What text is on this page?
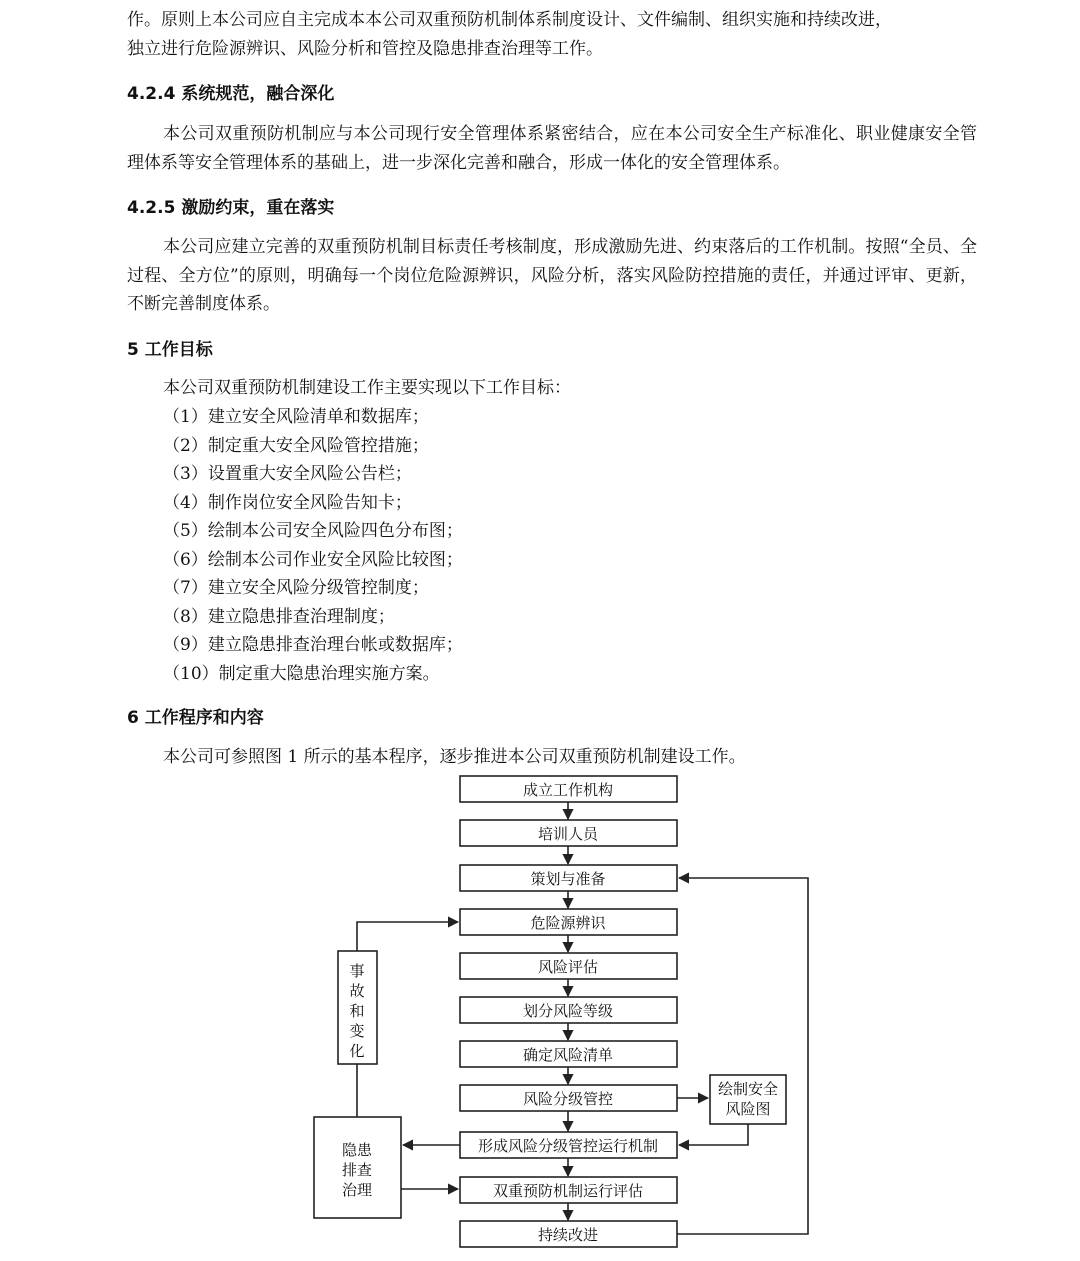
作。原则上本公司应自主完成本本公司双重预防机制体系制度设计、文件编制、组织实施和持续改进，

独立进行危险源辨识、风险分析和管控及隐患排查治理等工作。

4.2.4 系统规范，融合深化

本公司双重预防机制应与本公司现行安全管理体系紧密结合，应在本公司安全生产标准化、职业健康安全管理体系等安全管理体系的基础上，进一步深化完善和融合，形成一体化的安全管理体系。

4.2.5 激励约束，重在落实

本公司应建立完善的双重预防机制目标责任考核制度，形成激励先进、约束落后的工作机制。按照“全员、全过程、全方位”的原则，明确每一个岗位危险源辨识，风险分析，落实风险防控措施的责任，并通过评审、更新，不断完善制度体系。

5 工作目标

本公司双重预防机制建设工作主要实现以下工作目标：

（1）建立安全风险清单和数据库；
（2）制定重大安全风险管控措施；
（3）设置重大安全风险公告栏；
（4）制作岗位安全风险告知卡；
（5）绘制本公司安全风险四色分布图；
（6）绘制本公司作业安全风险比较图；
（7）建立安全风险分级管控制度；
（8）建立隐患排查治理制度；
（9）建立隐患排查治理台帐或数据库；
（10）制定重大隐患治理实施方案。
6 工作程序和内容

本公司可参照图 1 所示的基本程序，逐步推进本公司双重预防机制建设工作。

成立工作机构
培训人员
策划与准备
危险源辨识
风险评估
划分风险等级
确定风险清单
风险分级管控
形成风险分级管控运行机制
双重预防机制运行评估
持续改进
事
故
和
变
化
隐患
排查
治理
绘制安全
风险图
